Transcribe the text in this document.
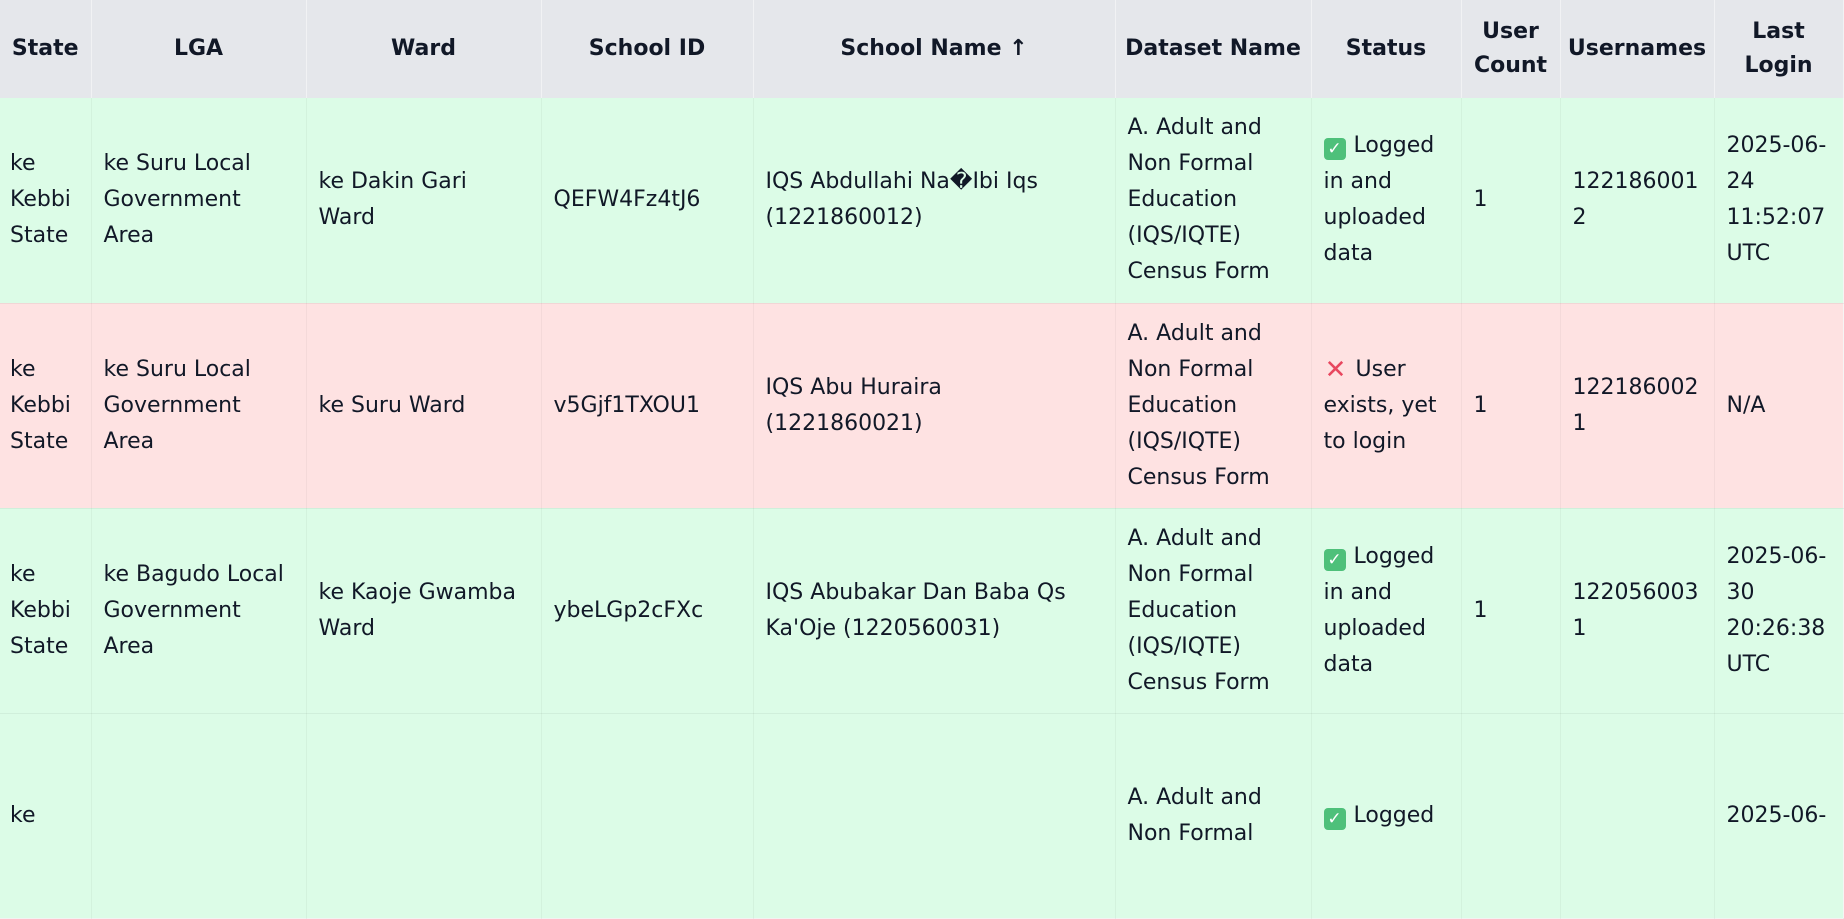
State	LGA	Ward	School ID	School Name ↑	Dataset Name	Status	User Count	Usernames	Last Login
ke Kebbi State	ke Suru Local Government Area	ke Dakin Gari Ward	QEFW4Fz4tJ6	IQS Abdullahi Na�Ibi Iqs (1221860012)	A. Adult and Non Formal Education (IQS/IQTE) Census Form	✓ Logged in and uploaded data	1	1221860012	2025-06-24 11:52:07 UTC
ke Kebbi State	ke Suru Local Government Area	ke Suru Ward	v5Gjf1TXOU1	IQS Abu Huraira (1221860021)	A. Adult and Non Formal Education (IQS/IQTE) Census Form	✕ User exists, yet to login	1	1221860021	N/A
ke Kebbi State	ke Bagudo Local Government Area	ke Kaoje Gwamba Ward	ybeLGp2cFXc	IQS Abubakar Dan Baba Qs Ka'Oje (1220560031)	A. Adult and Non Formal Education (IQS/IQTE) Census Form	✓ Logged in and uploaded data	1	1220560031	2025-06-30 20:26:38 UTC
ke					A. Adult and Non Formal	✓ Logged			2025-06-
